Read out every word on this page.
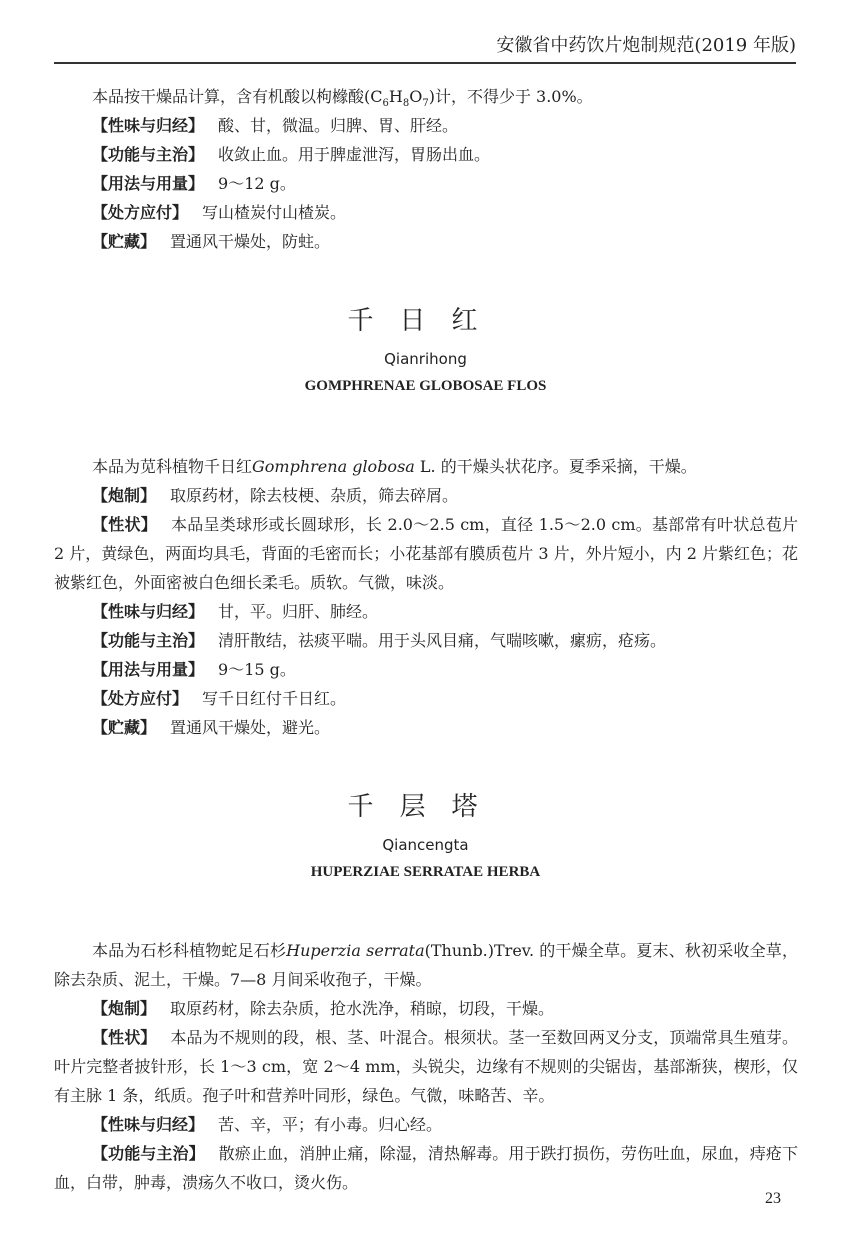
安徽省中药饮片炮制规范(2019 年版)
本品按干燥品计算，含有机酸以枸橼酸$(C_6H_8O_7)$计，不得少于 3.0%。
【性味与归经】 酸、甘，微温。归脾、胃、肝经。
【功能与主治】 收敛止血。用于脾虚泄泻，胃肠出血。
【用法与用量】 9～12 g。
【处方应付】 写山楂炭付山楂炭。
【贮藏】 置通风干燥处，防蛀。
千日红
Qianrihong
GOMPHRENAE GLOBOSAE FLOS
本品为苋科植物千日红Gomphrena globosa L. 的干燥头状花序。夏季采摘，干燥。
【炮制】 取原药材，除去枝梗、杂质，筛去碎屑。
【性状】 本品呈类球形或长圆球形，长 2.0～2.5 cm，直径 1.5～2.0 cm。基部常有叶状总苞片 2 片，黄绿色，两面均具毛，背面的毛密而长；小花基部有膜质苞片 3 片，外片短小，内 2 片紫红色；花被紫红色，外面密被白色细长柔毛。质软。气微，味淡。
【性味与归经】 甘，平。归肝、肺经。
【功能与主治】 清肝散结，祛痰平喘。用于头风目痛，气喘咳嗽，瘰疬，疮疡。
【用法与用量】 9～15 g。
【处方应付】 写千日红付千日红。
【贮藏】 置通风干燥处，避光。
千层塔
Qiancengta
HUPERZIAE SERRATAE HERBA
本品为石杉科植物蛇足石杉Huperzia serrata(Thunb.)Trev. 的干燥全草。夏末、秋初采收全草，除去杂质、泥土，干燥。7—8 月间采收孢子，干燥。
【炮制】 取原药材，除去杂质，抢水洗净，稍晾，切段，干燥。
【性状】 本品为不规则的段，根、茎、叶混合。根须状。茎一至数回两叉分支，顶端常具生殖芽。叶片完整者披针形，长 1～3 cm，宽 2～4 mm，头锐尖，边缘有不规则的尖锯齿，基部渐狭，楔形，仅有主脉 1 条，纸质。孢子叶和营养叶同形，绿色。气微，味略苦、辛。
【性味与归经】 苦、辛，平；有小毒。归心经。
【功能与主治】 散瘀止血，消肿止痛，除湿，清热解毒。用于跌打损伤，劳伤吐血，尿血，痔疮下血，白带，肿毒，溃疡久不收口，烫火伤。
23
